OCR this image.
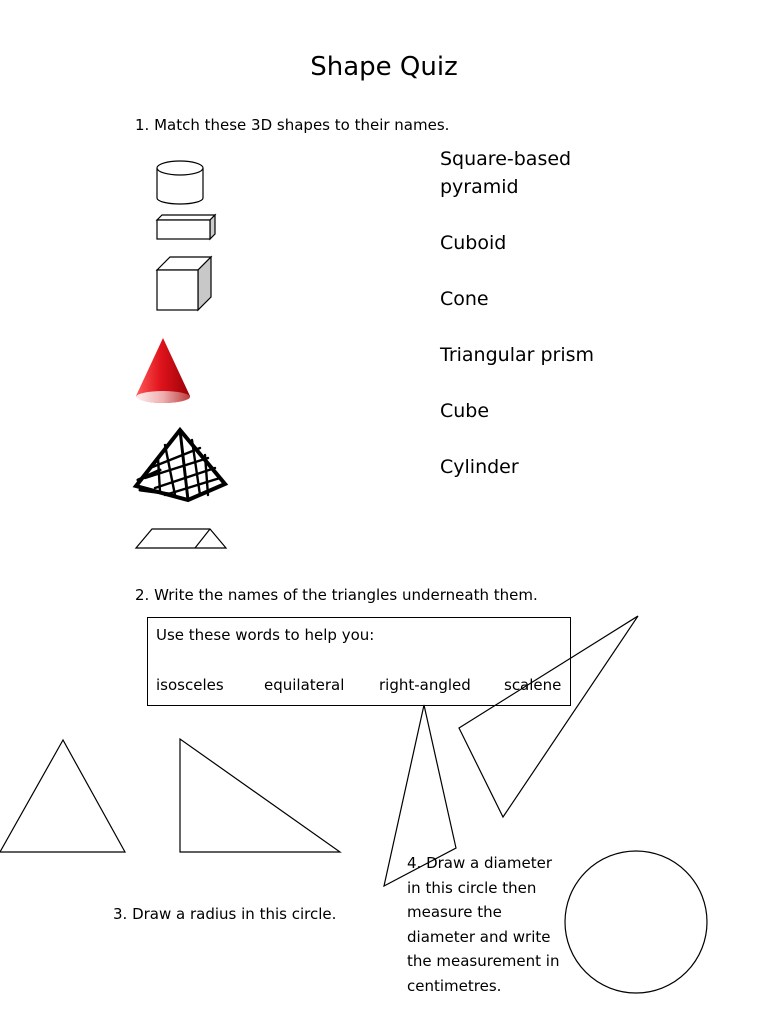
Shape Quiz
1. Match these 3D shapes to their names.
Square-based pyramid
Cuboid
Cone
Triangular prism
Cube
Cylinder
2. Write the names of the triangles underneath them.
Use these words to help you:
isosceles	equilateral right-angled scalene
3. Draw a radius in this circle.
4. Draw a diameter in this circle then measure the diameter and write the measurement in centimetres.
